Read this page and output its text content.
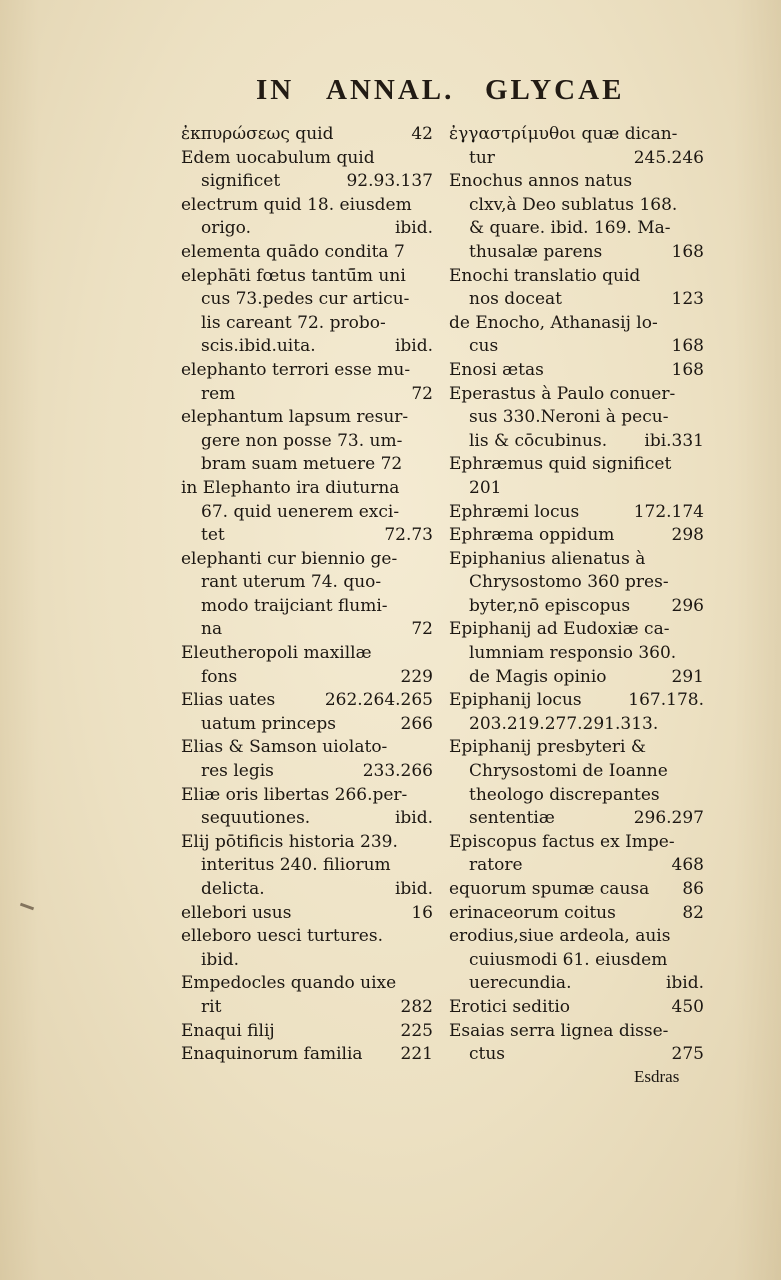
IN ANNAL. GLYCAE
ἐκπυρώσεως quid	42
Edem uocabulum quid
significet	92.93.137
electrum quid 18. eiusdem
origo.	ibid.
elementa quādo condita 7
elephāti fœtus tantū̄m uni
cus 73.pedes cur articu-
lis careant 72. probo-
scis.ibid.uita.	ibid.
elephanto terrori esse mu-
rem	72
elephantum lapsum resur-
gere non posse 73. um-
bram suam metuere 72
in Elephanto ira diuturna
67. quid uenerem exci-
tet	72.73
elephanti cur biennio ge-
rant uterum 74. quo-
modo traijciant flumi-
na	72
Eleutheropoli maxillæ
fons	229
Elias uates	262.264.265
uatum princeps	266
Elias & Samson uiolato-
res legis	233.266
Eliæ oris libertas 266.per-
sequutiones.	ibid.
Elij pōtificis historia 239.
interitus 240. filiorum
delicta.	ibid.
ellebori usus	16
elleboro uesci turtures.
ibid.
Empedocles quando uixe
rit	282
Enaqui filij	225
Enaquinorum familia 221
ἐγγαστρίμυθοι quæ dican-
tur	245.246
Enochus annos natus
clxv,à Deo sublatus 168.
& quare. ibid. 169. Ma-
thusalæ parens	168
Enochi translatio quid
nos doceat	123
de Enocho, Athanasij lo-
cus	168
Enosi ætas	168
Eperastus à Paulo conuer-
sus 330.Neroni à pecu-
lis & cōcubinus. ibi.331
Ephræmus quid significet
201
Ephræmi locus	172.174
Ephræma oppidum	298
Epiphanius alienatus à
Chrysostomo 360 pres-
byter,nō episcopus 296
Epiphanij ad Eudoxiæ ca-
lumniam responsio 360.
de Magis opinio	291
Epiphanij locus	167.178.
203.219.277.291.313.
Epiphanij presbyteri &
Chrysostomi de Ioanne
theologo discrepantes
sententiæ	296.297
Episcopus factus ex Impe-
ratore	468
equorum spumæ causa 86
erinaceorum coitus	82
erodius,siue ardeola, auis
cuiusmodi 61. eiusdem
uerecundia.	ibid.
Erotici seditio	450
Esaias serra lignea disse-
ctus	275
Esdras
